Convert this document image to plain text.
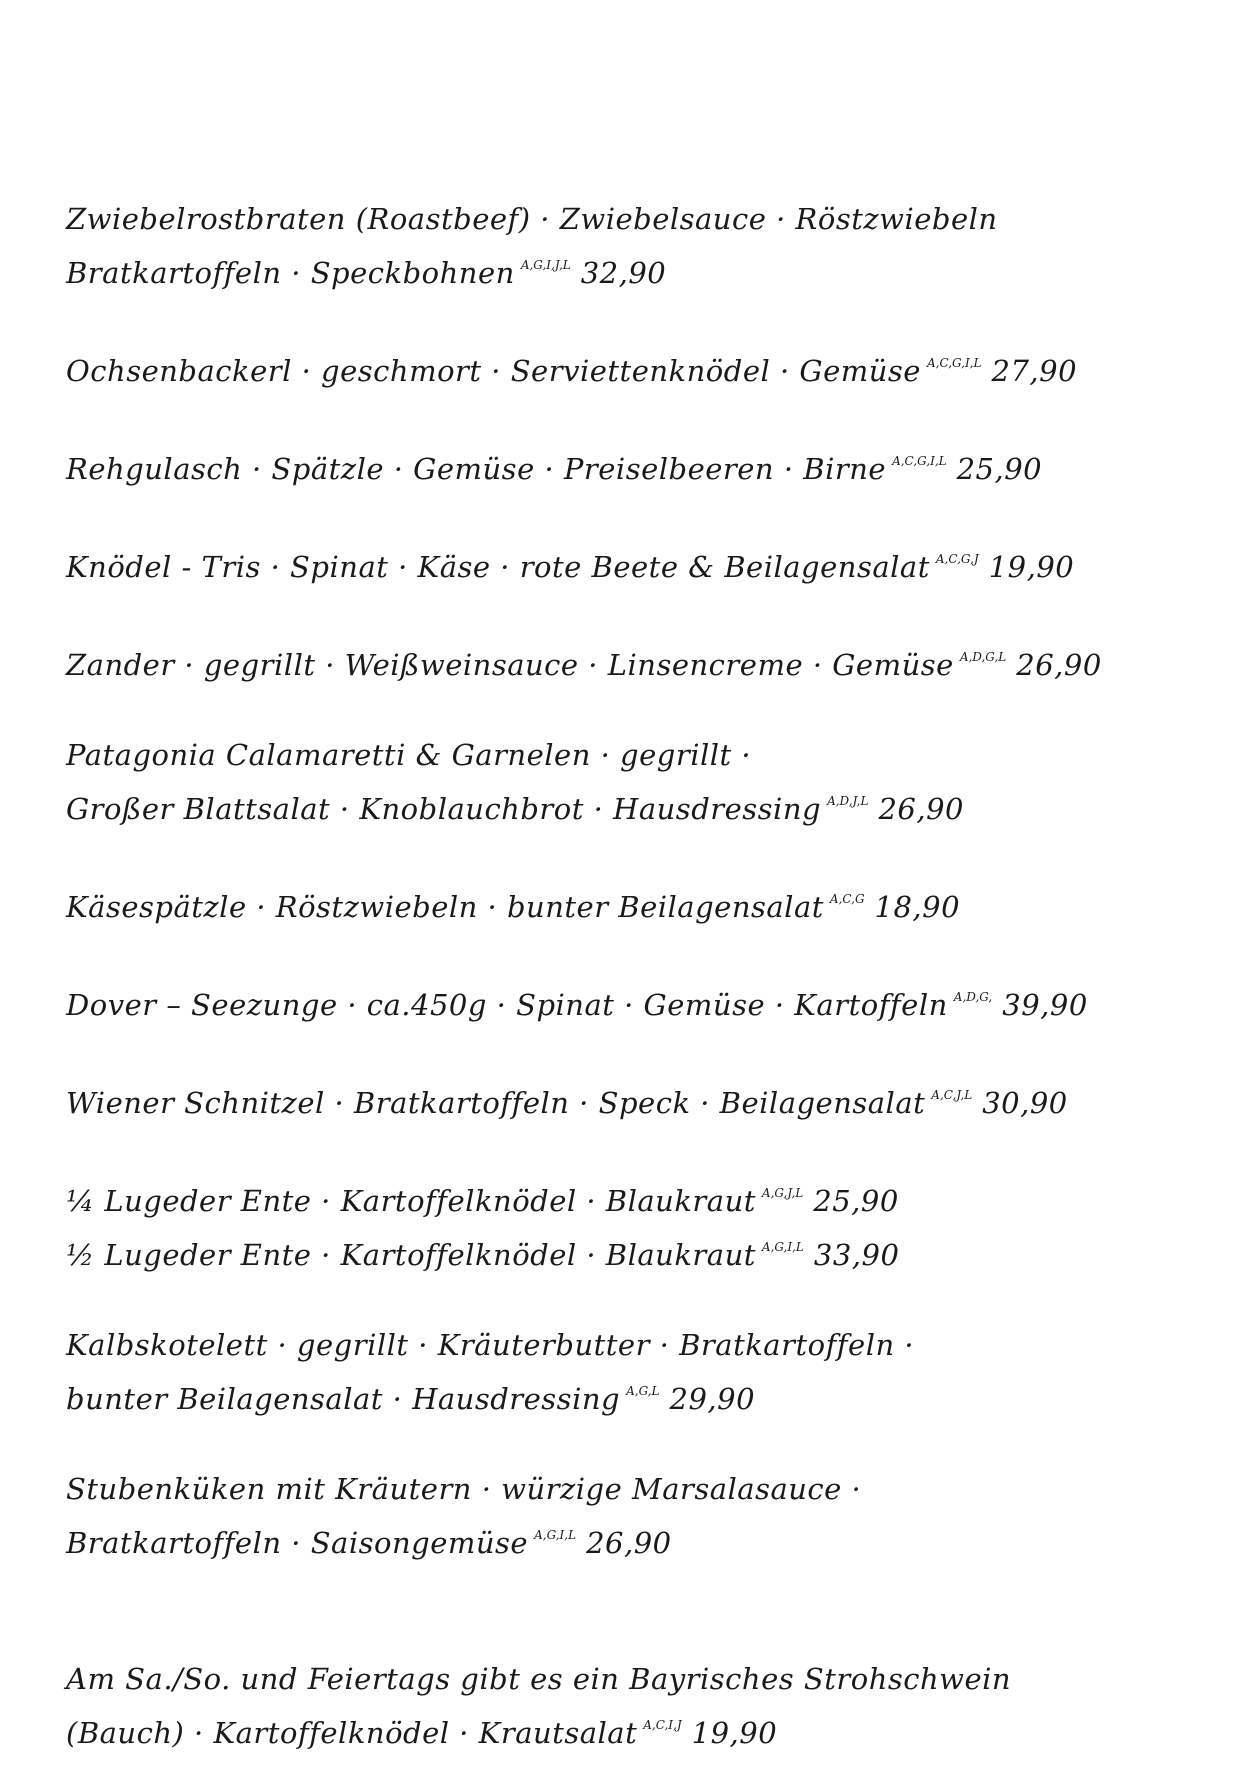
Zwiebelrostbraten (Roastbeef) · Zwiebelsauce · Röstzwiebeln
Bratkartoffeln · Speckbohnen $^{A,G,I,J,L}$ 32,90
Ochsenbackerl · geschmort · Serviettenknödel · Gemüse $^{A,C,G,I,L}$ 27,90
Rehgulasch · Spätzle · Gemüse · Preiselbeeren · Birne $^{A,C,G,I,L}$ 25,90
Knödel - Tris · Spinat · Käse · rote Beete & Beilagensalat $^{A,C,G,J}$ 19,90
Zander · gegrillt · Weißweinsauce · Linsencreme · Gemüse $^{A,D,G,L}$ 26,90
Patagonia Calamaretti & Garnelen · gegrillt ·
Großer Blattsalat · Knoblauchbrot · Hausdressing $^{A,D,J,L}$ 26,90
Käsespätzle · Röstzwiebeln · bunter Beilagensalat $^{A,C,G}$ 18,90
Dover – Seezunge · ca.450g · Spinat · Gemüse · Kartoffeln $^{A,D,G,}$ 39,90
Wiener Schnitzel · Bratkartoffeln · Speck · Beilagensalat $^{A,C,J,L}$ 30,90
¼ Lugeder Ente · Kartoffelknödel · Blaukraut $^{A,G,J,L}$ 25,90
½ Lugeder Ente · Kartoffelknödel · Blaukraut $^{A,G,I,L}$ 33,90
Kalbskotelett · gegrillt · Kräuterbutter · Bratkartoffeln ·
bunter Beilagensalat · Hausdressing $^{A,G,L}$ 29,90
Stubenküken mit Kräutern · würzige Marsalasauce ·
Bratkartoffeln · Saisongemüse $^{A,G,I,L}$ 26,90
Am Sa./So. und Feiertags gibt es ein Bayrisches Strohschwein
(Bauch) · Kartoffelknödel · Krautsalat $^{A,C,I,J}$ 19,90
